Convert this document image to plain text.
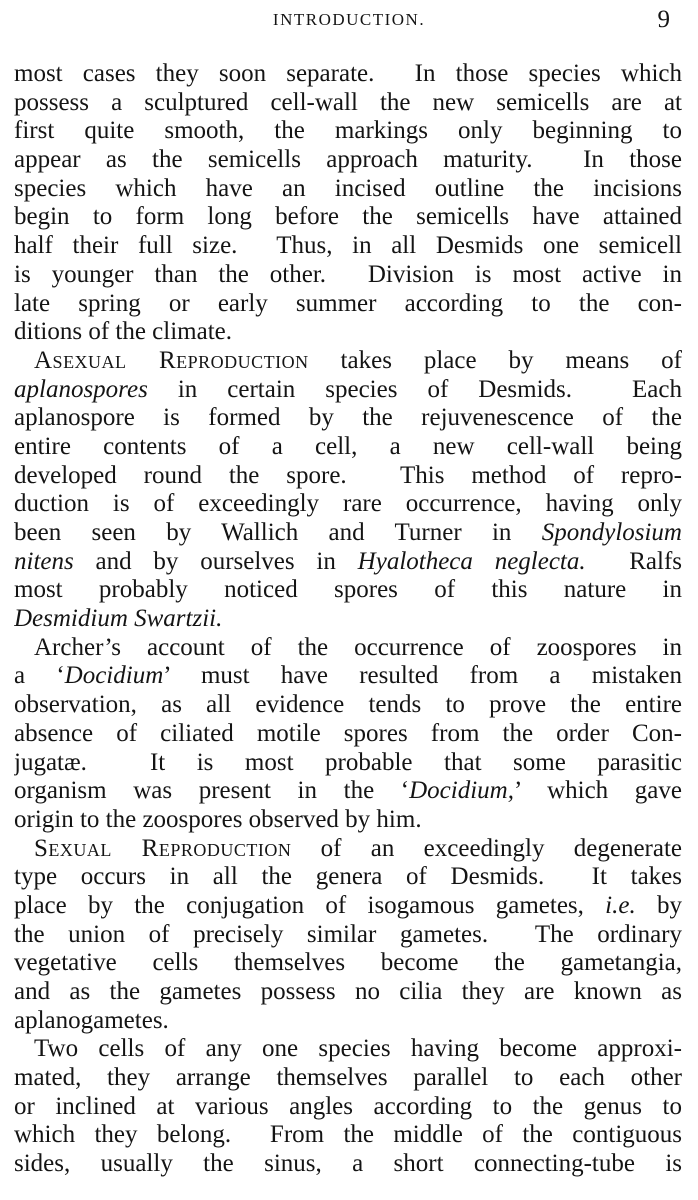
INTRODUCTION.	9
most cases they soon separate.  In those species which
possess a sculptured cell-wall the new semicells are at
first quite smooth, the markings only beginning to
appear as the semicells approach maturity.  In those
species which have an incised outline the incisions
begin to form long before the semicells have attained
half their full size.  Thus, in all Desmids one semicell
is younger than the other.  Division is most active in
late spring or early summer according to the con-
ditions of the climate.
Asexual Reproduction takes place by means of
aplanospores in certain species of Desmids.  Each
aplanospore is formed by the rejuvenescence of the
entire contents of a cell, a new cell-wall being
developed round the spore.  This method of repro-
duction is of exceedingly rare occurrence, having only
been seen by Wallich and Turner in Spondylosium
nitens and by ourselves in Hyalotheca neglecta.  Ralfs
most probably noticed spores of this nature in
Desmidium Swartzii.
Archer’s account of the occurrence of zoospores in
a ‘Docidium’ must have resulted from a mistaken
observation, as all evidence tends to prove the entire
absence of ciliated motile spores from the order Con-
jugatæ.  It is most probable that some parasitic
organism was present in the ‘Docidium,’ which gave
origin to the zoospores observed by him.
Sexual Reproduction of an exceedingly degenerate
type occurs in all the genera of Desmids.  It takes
place by the conjugation of isogamous gametes, i.e. by
the union of precisely similar gametes.  The ordinary
vegetative cells themselves become the gametangia,
and as the gametes possess no cilia they are known as
aplanogametes.
Two cells of any one species having become approxi-
mated, they arrange themselves parallel to each other
or inclined at various angles according to the genus to
which they belong.  From the middle of the contiguous
sides, usually the sinus, a short connecting-tube is
